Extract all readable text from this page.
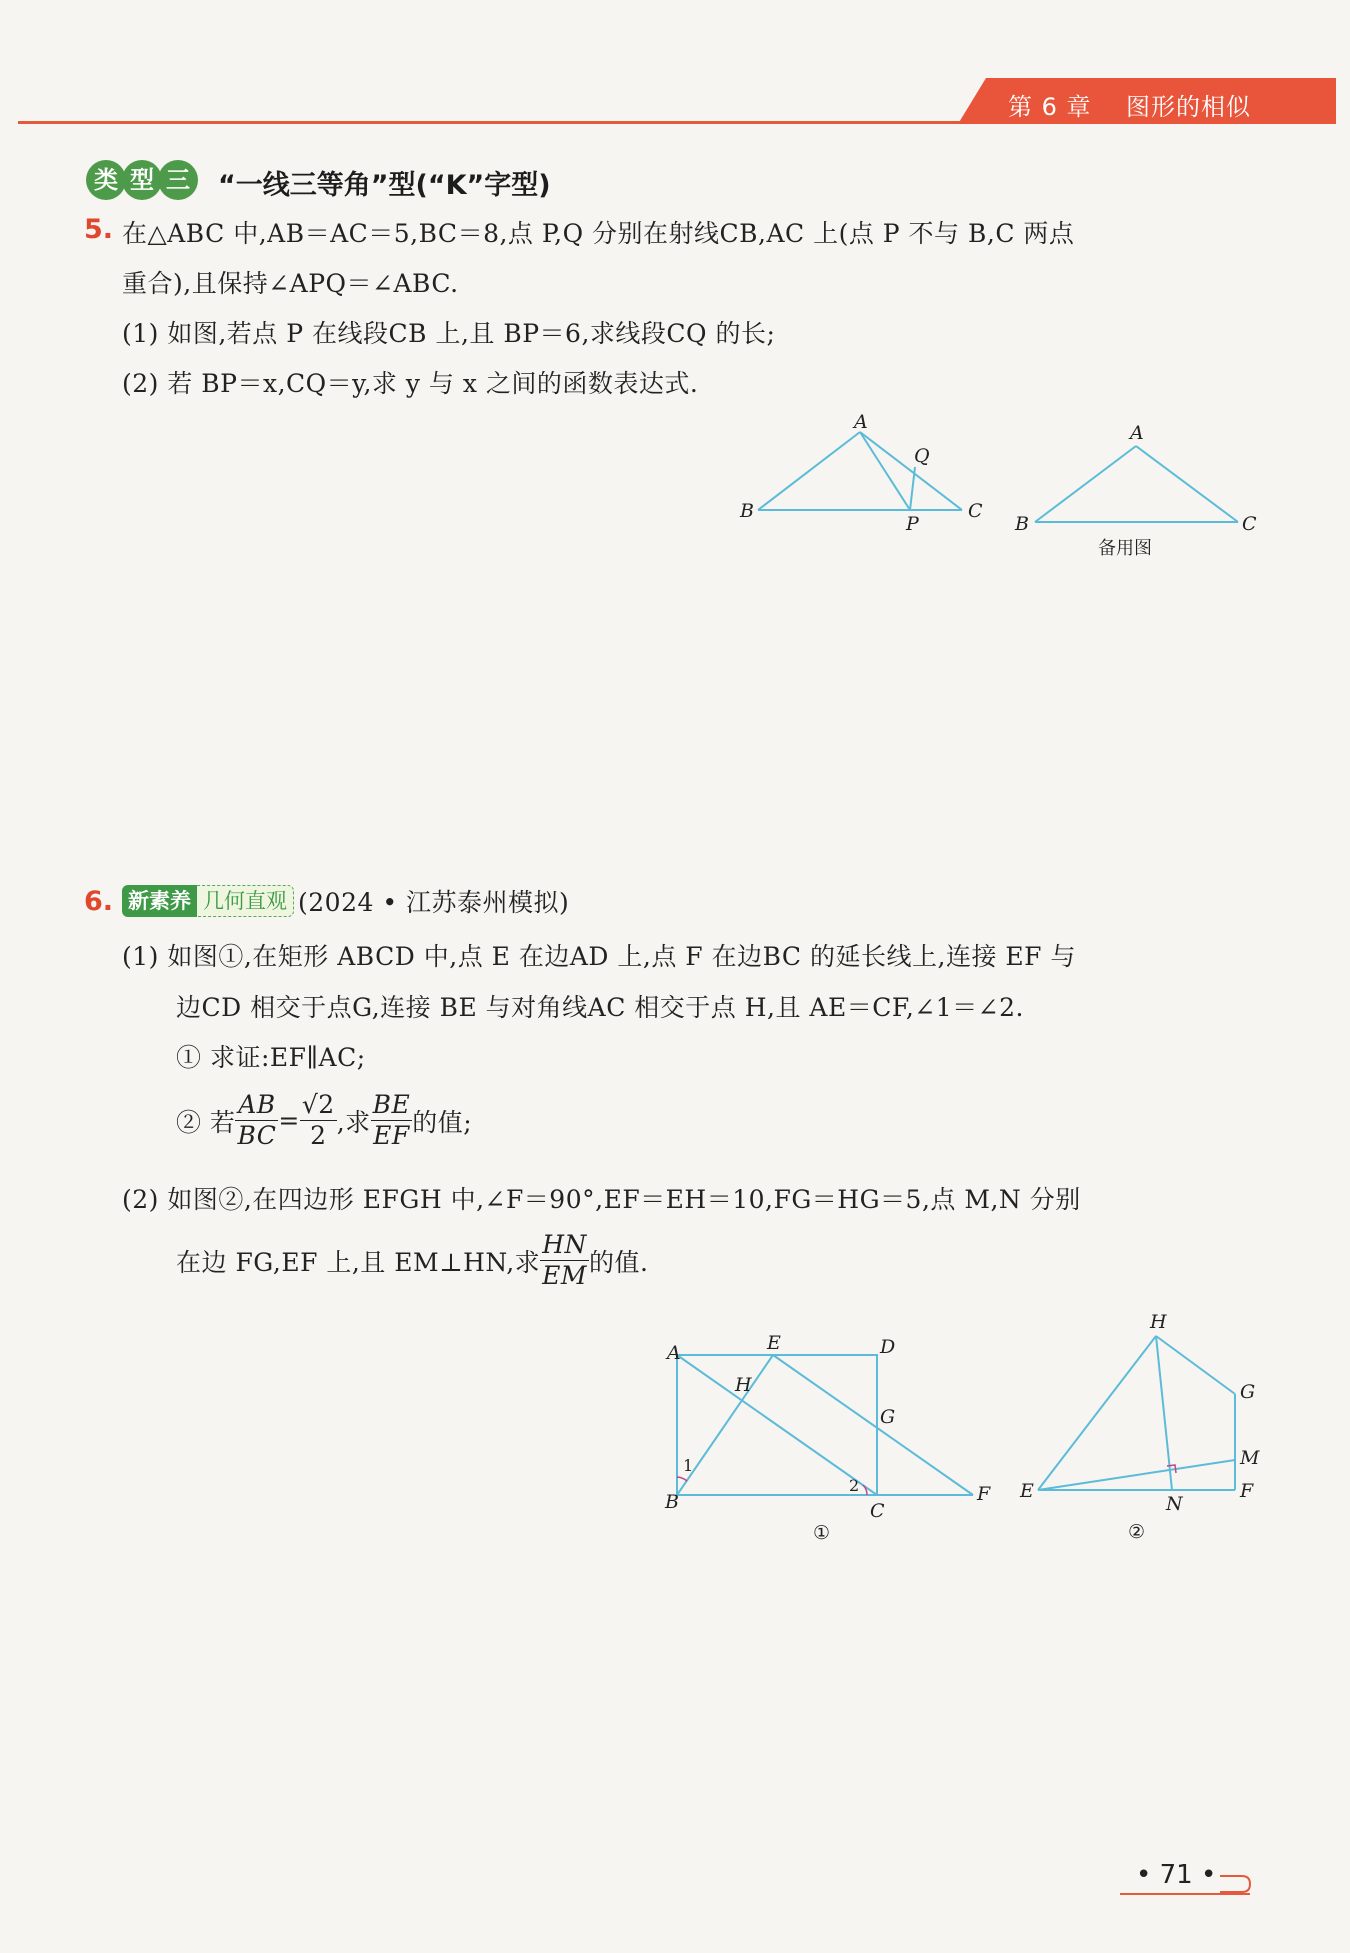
第 6 章 图形的相似
类 型 三 “一线三等角”型(“K”字型)
5. 在△ABC 中,AB＝AC＝5,BC＝8,点 P,Q 分别在射线CB,AC 上(点 P 不与 B,C 两点
重合),且保持∠APQ＝∠ABC.
(1) 如图,若点 P 在线段CB 上,且 BP＝6,求线段CQ 的长;
(2) 若 BP＝x,CQ＝y,求 y 与 x 之间的函数表达式.
A
B	C
P
Q
A
B	C
备用图
6. 新素养 几何直观 (2024 • 江苏泰州模拟)
(1) 如图①,在矩形 ABCD 中,点 E 在边AD 上,点 F 在边BC 的延长线上,连接 EF 与
边CD 相交于点G,连接 BE 与对角线AC 相交于点 H,且 AE＝CF,∠1＝∠2.
① 求证:EF∥AC;
② 若 $\frac{AB}{BC} = \frac{√2}{2}$ ,求 $\frac{BE}{EF}$ 的值;
(2) 如图②,在四边形 EFGH 中,∠F＝90°,EF＝EH＝10,FG＝HG＝5,点 M,N 分别
在边 FG,EF 上,且 EM⊥HN,求 $\frac{HN}{EM}$ 的值.
A
B	C
D
E
F
G
H
1
2
①
E	F
G
H
M
N
②
• 71 •
